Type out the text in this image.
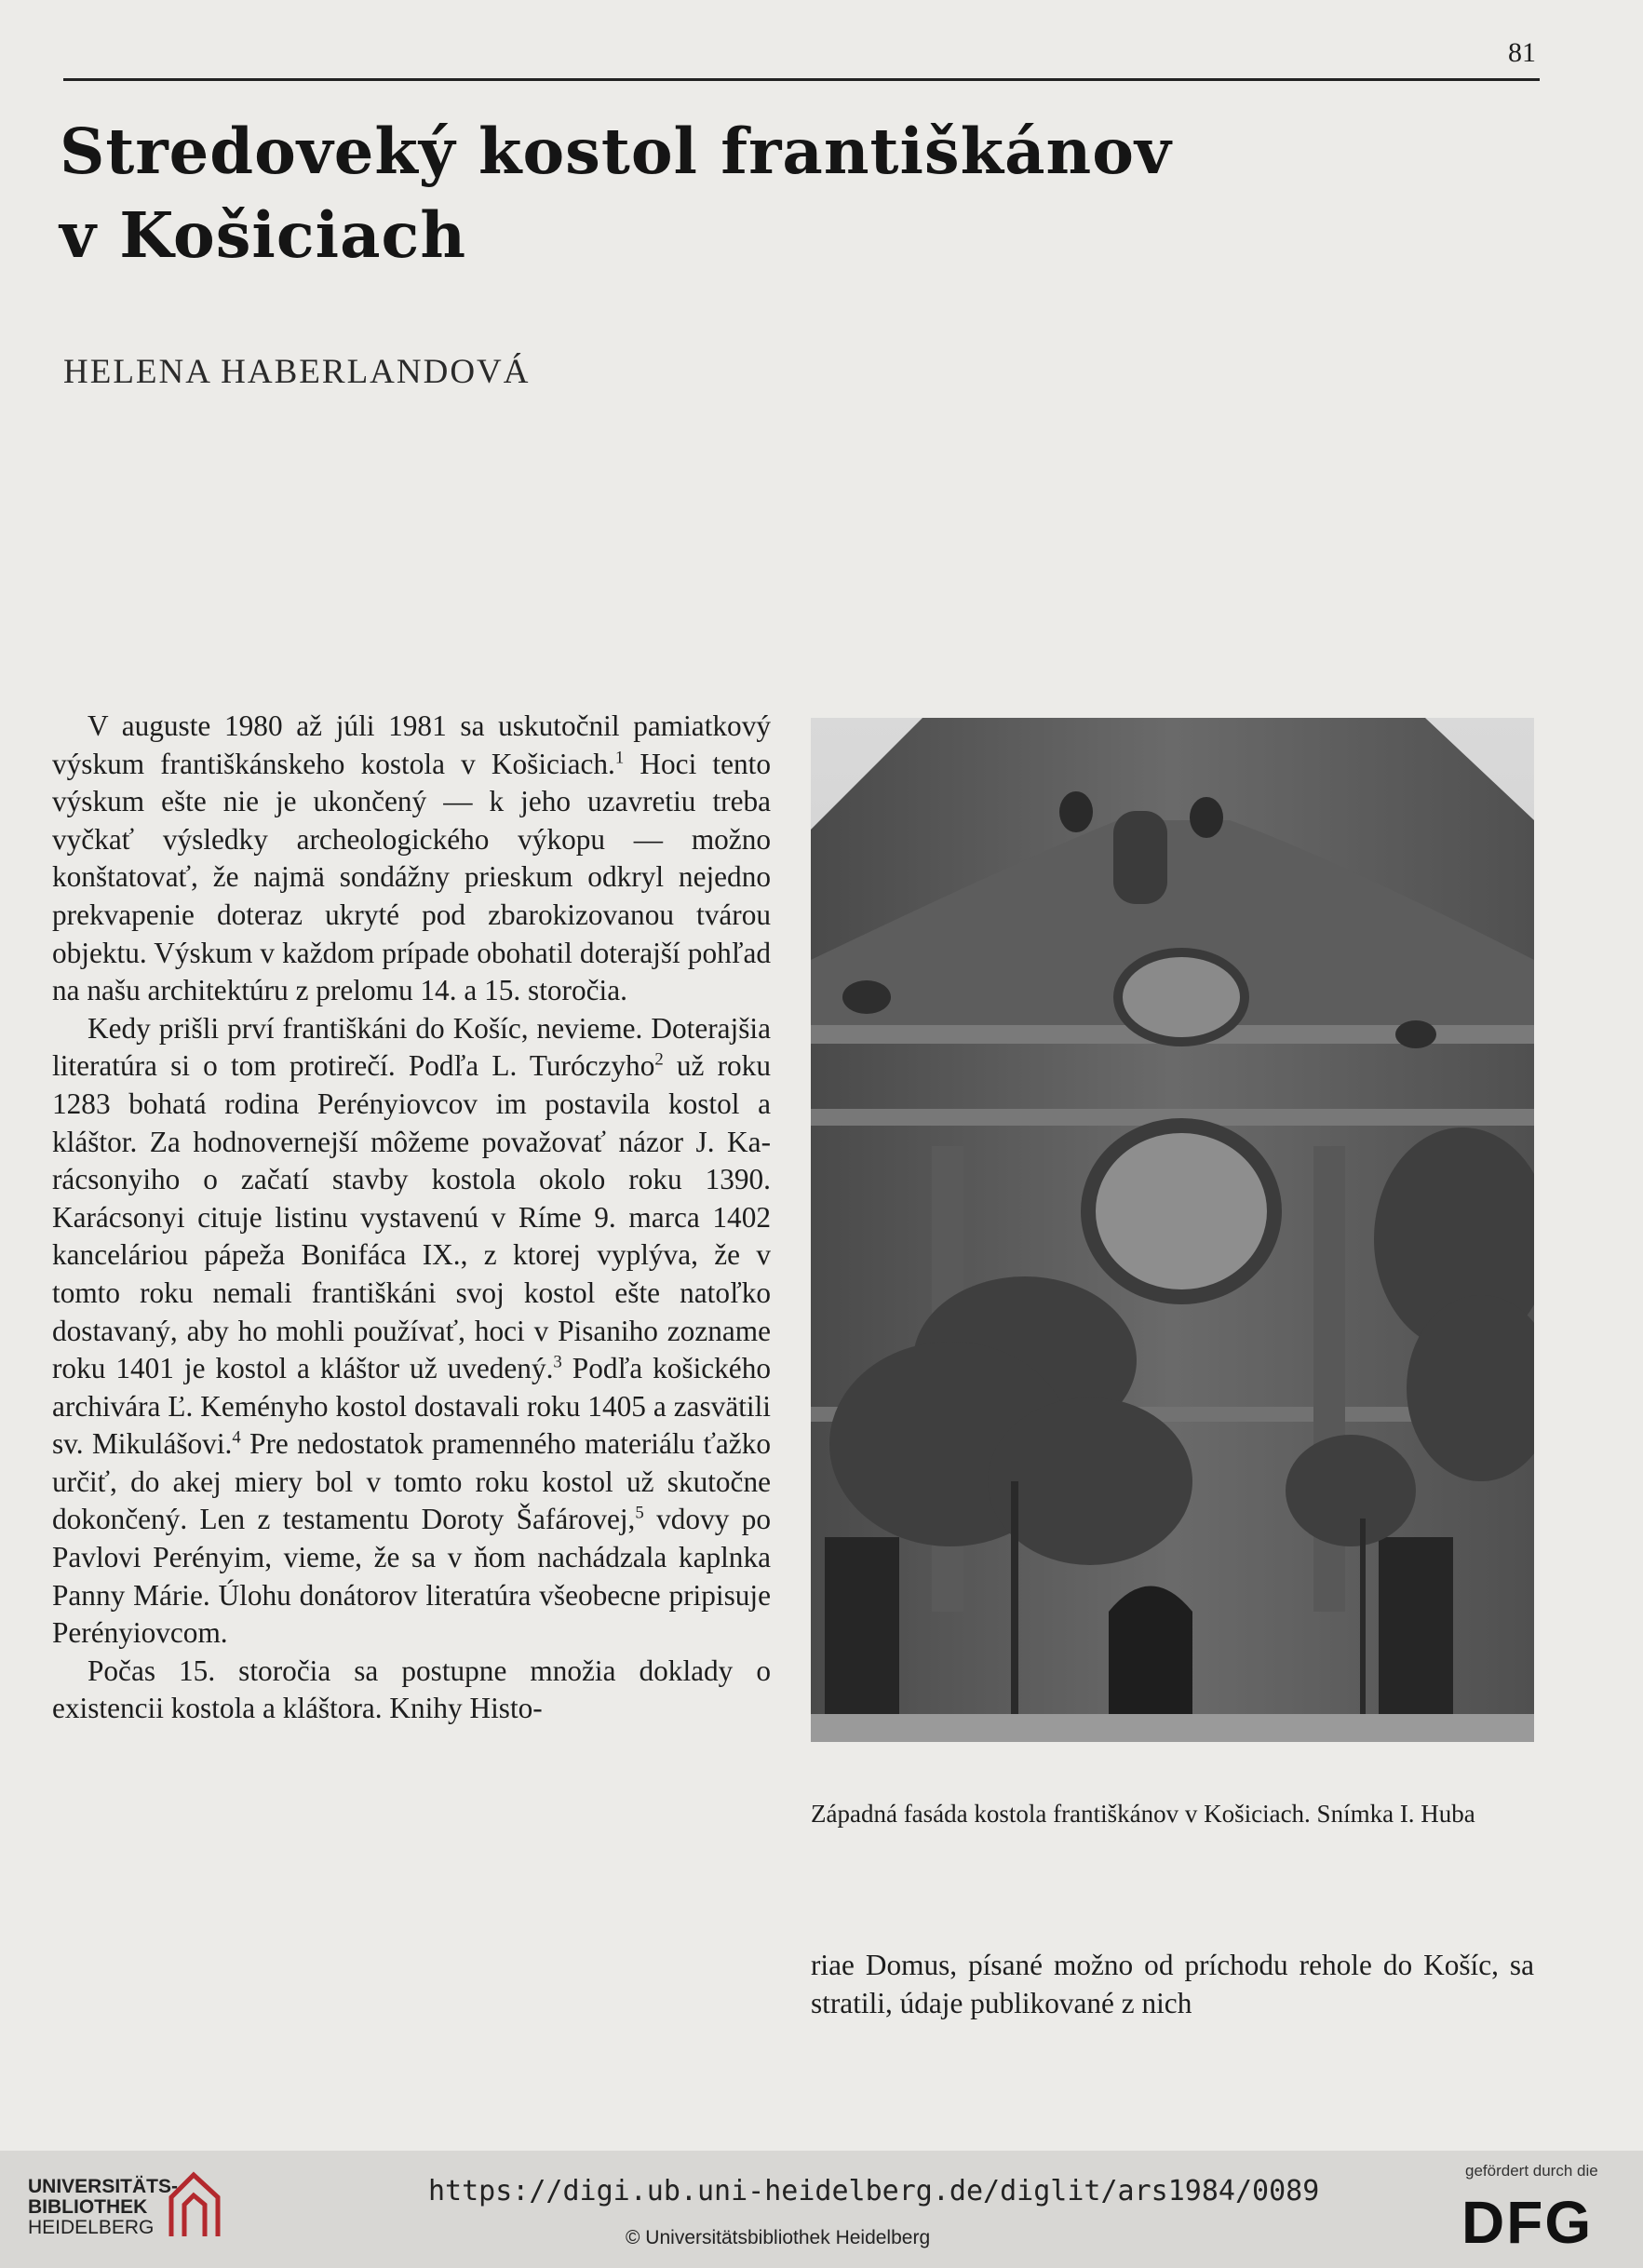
81
Stredoveký kostol františkánov
v Košiciach
HELENA HABERLANDOVÁ

V auguste 1980 až júli 1981 sa uskutočnil pamiatkový výskum františkánskeho kostola v Košiciach.$^1$ Hoci tento výskum ešte nie je ukončený — k jeho uzavretiu treba vyčkať výsledky archeologického výkopu — možno konštatovať, že najmä sondážny prieskum odkryl nejedno prekvapenie doteraz ukryté pod zbarokizovanou tvárou objektu. Výskum v každom prípade obohatil doterajší pohľad na našu architektúru z prelomu 14. a 15. storočia.

Kedy prišli prví františkáni do Košíc, nevieme. Doterajšia literatúra si o tom protirečí. Podľa L. Turóczyho$^2$ už roku 1283 bohatá rodina Perényiovcov im postavila kostol a kláštor. Za hodnovernejší môžeme považovať názor J. Karácsonyiho o začatí stavby kostola okolo roku 1390. Karácsonyi cituje listinu vystavenú v Ríme 9. marca 1402 kanceláriou pápeža Bonifáca IX., z ktorej vyplýva, že v tomto roku nemali františkáni svoj kostol ešte natoľko dostavaný, aby ho mohli používať, hoci v Pisaniho zozname roku 1401 je kostol a kláštor už uvedený.$^3$ Podľa košického archivára Ľ. Keményho kostol dostavali roku 1405 a zasvätili sv. Mikulášovi.$^4$ Pre nedostatok pramenného materiálu ťažko určiť, do akej miery bol v tomto roku kostol už skutočne dokončený. Len z testamentu Doroty Šafárovej,$^5$ vdovy po Pavlovi Perényim, vieme, že sa v ňom nachádzala kaplnka Panny Márie. Úlohu donátorov literatúra všeobecne pripisuje Perényiovcom.

Počas 15. storočia sa postupne množia doklady o existencii kostola a kláštora. Knihy Histo-

Západná fasáda kostola františkánov v Košiciach. Snímka I. Huba
riae Domus, písané možno od príchodu rehole do Košíc, sa stratili, údaje publikované z nich
UNIVERSITÄTS-
BIBLIOTHEK
HEIDELBERG
https://digi.ub.uni-heidelberg.de/diglit/ars1984/0089
© Universitätsbibliothek Heidelberg
gefördert durch die
DFG
